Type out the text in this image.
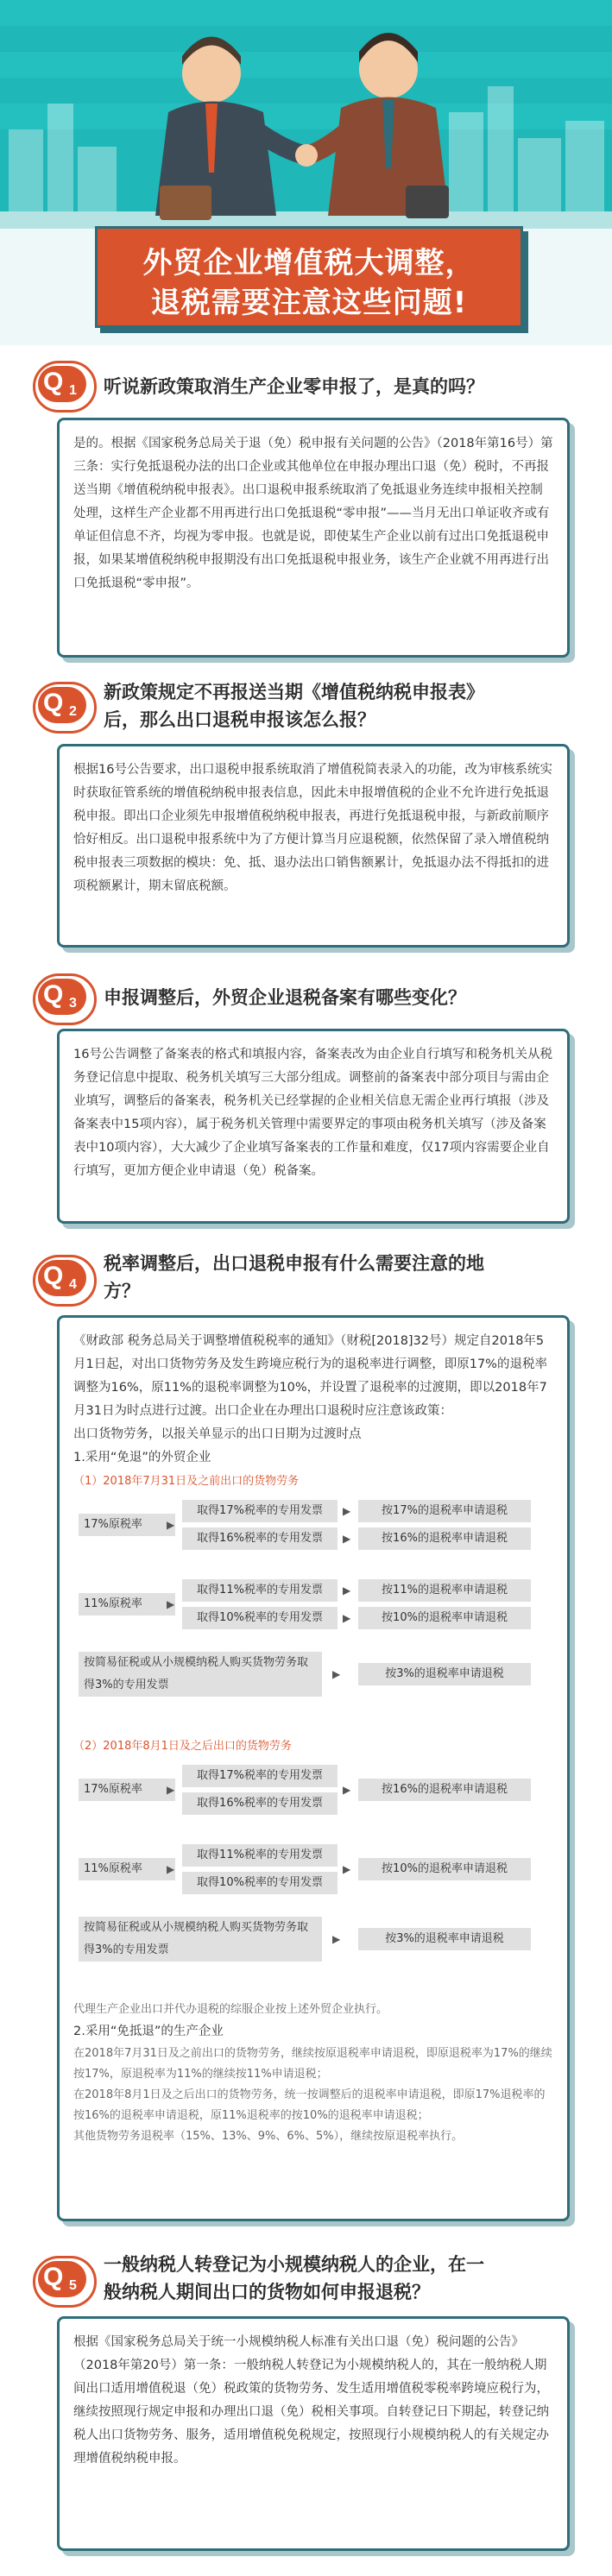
外贸企业增值税大调整，
退税需要注意这些问题!
Q 1 听说新政策取消生产企业零申报了，是真的吗？

是的。根据《国家税务总局关于退（免）税申报有关问题的公告》（2018年第16号）第三条：实行免抵退税办法的出口企业或其他单位在申报办理出口退（免）税时，不再报送当期《增值税纳税申报表》。出口退税申报系统取消了免抵退业务连续申报相关控制处理，这样生产企业都不用再进行出口免抵退税“零申报”——当月无出口单证收齐或有单证但信息不齐，均视为零申报。也就是说，即使某生产企业以前有过出口免抵退税申报，如果某增值税纳税申报期没有出口免抵退税申报业务，该生产企业就不用再进行出口免抵退税“零申报”。

Q 2
新政策规定不再报送当期《增值税纳税申报表》
后，那么出口退税申报该怎么报？

根据16号公告要求，出口退税申报系统取消了增值税简表录入的功能，改为审核系统实时获取征管系统的增值税纳税申报表信息，因此未申报增值税的企业不允许进行免抵退税申报。即出口企业须先申报增值税纳税申报表，再进行免抵退税申报，与新政前顺序恰好相反。出口退税申报系统中为了方便计算当月应退税额，依然保留了录入增值税纳税申报表三项数据的模块：免、抵、退办法出口销售额累计，免抵退办法不得抵扣的进项税额累计，期末留底税额。

Q 3 申报调整后，外贸企业退税备案有哪些变化？

16号公告调整了备案表的格式和填报内容，备案表改为由企业自行填写和税务机关从税务登记信息中提取、税务机关填写三大部分组成。调整前的备案表中部分项目与需由企业填写，调整后的备案表，税务机关已经掌握的企业相关信息无需企业再行填报（涉及备案表中15项内容），属于税务机关管理中需要界定的事项由税务机关填写（涉及备案表中10项内容），大大减少了企业填写备案表的工作量和难度，仅17项内容需要企业自行填写，更加方便企业申请退（免）税备案。

Q 4
税率调整后，出口退税申报有什么需要注意的地
方？

《财政部 税务总局关于调整增值税税率的通知》（财税[2018]32号）规定自2018年5月1日起，对出口货物劳务及发生跨境应税行为的退税率进行调整，即原17%的退税率调整为16%，原11%的退税率调整为10%，并设置了退税率的过渡期，即以2018年7月31日为时点进行过渡。出口企业在办理出口退税时应注意该政策：

出口货物劳务，以报关单显示的出口日期为过渡时点

1.采用“免退”的外贸企业

（1）2018年7月31日及之前出口的货物劳务

17%原税率
取得17%税率的专用发票
取得16%税率的专用发票
按17%的退税率申请退税
按16%的退税率申请退税
▶
▶
▶
11%原税率
取得11%税率的专用发票
取得10%税率的专用发票
按11%的退税率申请退税
按10%的退税率申请退税
▶
▶
▶
按简易征税或从小规模纳税人购买货物劳务取得3%的专用发票
按3%的退税率申请退税
▶

（2）2018年8月1日及之后出口的货物劳务

17%原税率
取得17%税率的专用发票
取得16%税率的专用发票
按16%的退税率申请退税
▶	▶
11%原税率
取得11%税率的专用发票
取得10%税率的专用发票
按10%的退税率申请退税
▶	▶
按简易征税或从小规模纳税人购买货物劳务取得3%的专用发票
按3%的退税率申请退税
▶

代理生产企业出口并代办退税的综服企业按上述外贸企业执行。

2.采用“免抵退”的生产企业

在2018年7月31日及之前出口的货物劳务，继续按原退税率申请退税，即原退税率为17%的继续按17%，原退税率为11%的继续按11%申请退税；

在2018年8月1日及之后出口的货物劳务，统一按调整后的退税率申请退税，即原17%退税率的按16%的退税率申请退税，原11%退税率的按10%的退税率申请退税；

其他货物劳务退税率（15%、13%、9%、6%、5%），继续按原退税率执行。

Q 5
一般纳税人转登记为小规模纳税人的企业，在一
般纳税人期间出口的货物如何申报退税？

根据《国家税务总局关于统一小规模纳税人标准有关出口退（免）税问题的公告》（2018年第20号）第一条：一般纳税人转登记为小规模纳税人的，其在一般纳税人期间出口适用增值税退（免）税政策的货物劳务、发生适用增值税零税率跨境应税行为，继续按照现行规定申报和办理出口退（免）税相关事项。自转登记日下期起，转登记纳税人出口货物劳务、服务，适用增值税免税规定，按照现行小规模纳税人的有关规定办理增值税纳税申报。
